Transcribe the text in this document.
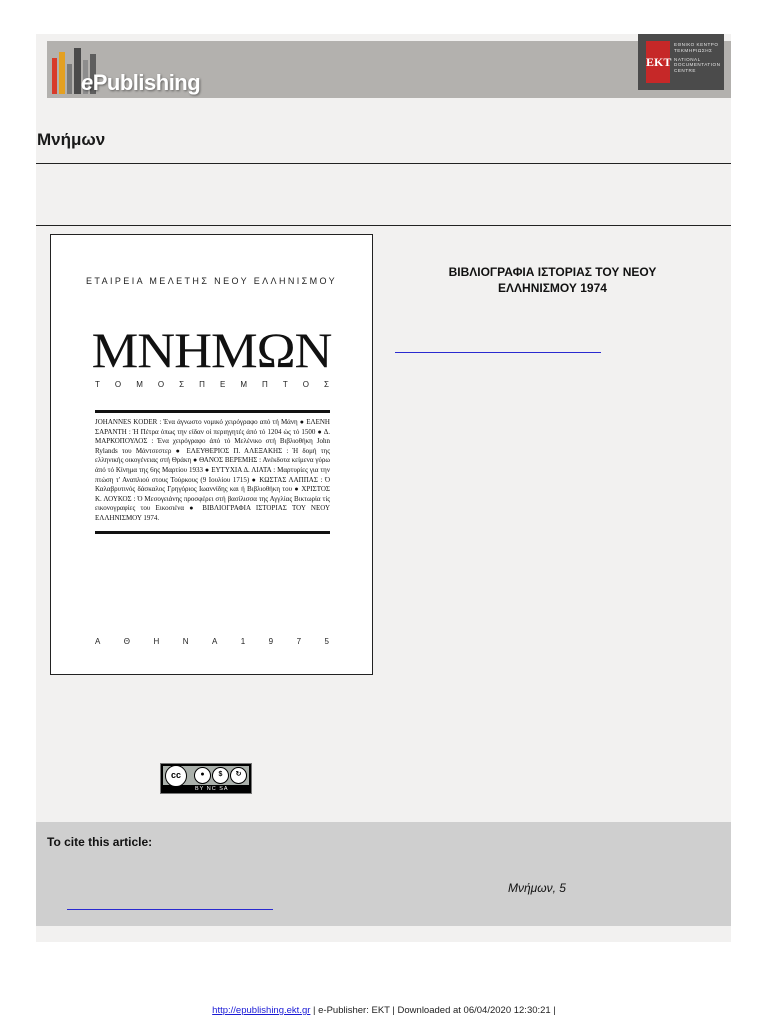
ePublishing
EKT
ΕΘΝΙΚΟ ΚΕΝΤΡΟ
ΤΕΚΜΗΡΙΩΣΗΣ
NATIONAL
DOCUMENTATION
CENTRE
Μνήμων
ΕΤΑΙΡΕΙΑ ΜΕΛΕΤΗΣ ΝΕΟΥ ΕΛΛΗΝΙΣΜΟΥ
ΜΝΗΜΩΝ
Τ Ο Μ Ο Σ Π Ε Μ Π Τ Ο Σ
JOHANNES KODER : Ένα άγνωστο νομικό χειρόγραφο από τή Μάνη ● ΕΛΕΝΗ ΣΑΡΑΝΤΗ : Ή Πέτρα όπως την είδαν οί περιηγητές άπό τό 1204 ώς τό 1500 ● Δ. ΜΑΡΚΟΠΟΥΛΟΣ : Ένα χειρόγραφο άπό τό Μελένικο στή Βιβλιοθήκη John Rylands του Μάντσεστερ ● ΕΛΕΥΘΕΡΙΟΣ Π. ΑΛΕΞΑΚΗΣ : Ή δομή της ελληνικής οικογένειας στή Θράκη ● ΘΑΝΟΣ ΒΕΡΕΜΗΣ : Ανέκδοτα κείμενα γύρω άπό τό Κίνημα της 6ης Μαρτίου 1933 ● ΕΥΤΥΧΙΑ Δ. ΛΙΑΤΑ : Μαρτυρίες για την πτώση τ' Αναπλιού στους Τούρκους (9 Ιουλίου 1715) ● ΚΩΣΤΑΣ ΛΑΠΠΑΣ : Ό Καλαβρυτινός δάσκαλος Γρηγόριος Ιωαννίδης και ή Βιβλιοθήκη του ● ΧΡΙΣΤΟΣ Κ. ΛΟΥΚΟΣ : Ό Μεσογειάνης προσφέρει στή βασίλισσα της Αγγλίας Βικτωρία τίς εικονογραφίες του Εικοσιένα ● ΒΙΒΛΙΟΓΡΑΦΙΑ ΙΣΤΟΡΙΑΣ ΤΟΥ ΝΕΟΥ ΕΛΛΗΝΙΣΜΟΥ 1974.
Α	Θ	Η	Ν	Α	1	9	7	5
ΒΙΒΛΙΟΓΡΑΦΙΑ ΙΣΤΟΡΙΑΣ ΤΟΥ ΝΕΟΥ
ΕΛΛΗΝΙΣΜΟΥ 1974
cc	●	$	↻
BY NC SA
To cite this article:
Μνήμων, 5
http://epublishing.ekt.gr | e-Publisher: EKT | Downloaded at 06/04/2020 12:30:21 |
